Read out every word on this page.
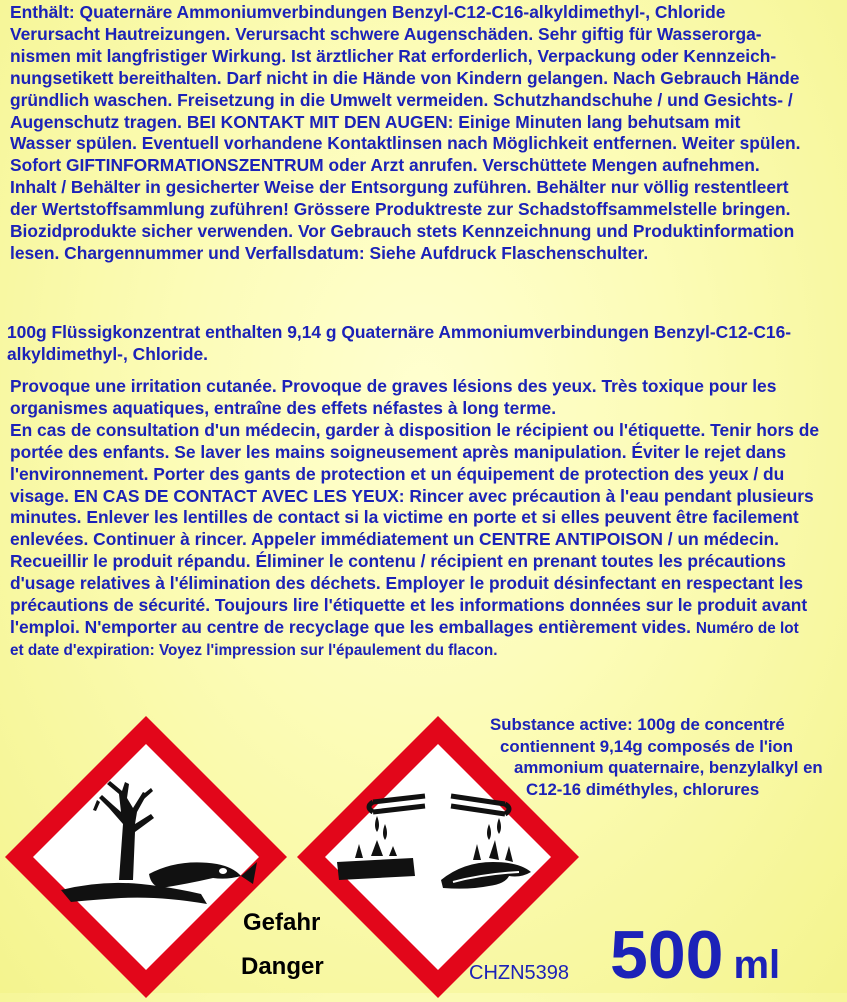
Enthält: Quaternäre Ammoniumverbindungen Benzyl-C12-C16-alkyldimethyl-, Chloride
Verursacht Hautreizungen. Verursacht schwere Augenschäden. Sehr giftig für Wasserorga-
nismen mit langfristiger Wirkung. Ist ärztlicher Rat erforderlich, Verpackung oder Kennzeich-
nungsetikett bereithalten. Darf nicht in die Hände von Kindern gelangen. Nach Gebrauch Hände
gründlich waschen. Freisetzung in die Umwelt vermeiden. Schutzhandschuhe / und Gesichts- /
Augenschutz tragen. BEI KONTAKT MIT DEN AUGEN: Einige Minuten lang behutsam mit
Wasser spülen. Eventuell vorhandene Kontaktlinsen nach Möglichkeit entfernen. Weiter spülen.
Sofort GIFTINFORMATIONSZENTRUM oder Arzt anrufen. Verschüttete Mengen aufnehmen.
Inhalt / Behälter in gesicherter Weise der Entsorgung zuführen. Behälter nur völlig restentleert
der Wertstoffsammlung zuführen! Grössere Produktreste zur Schadstoffsammelstelle bringen.
Biozidprodukte sicher verwenden. Vor Gebrauch stets Kennzeichnung und Produktinformation
lesen. Chargennummer und Verfallsdatum: Siehe Aufdruck Flaschenschulter.
100g Flüssigkonzentrat enthalten 9,14 g Quaternäre Ammoniumverbindungen Benzyl-C12-C16-
alkyldimethyl-, Chloride.
Provoque une irritation cutanée. Provoque de graves lésions des yeux. Très toxique pour les
organismes aquatiques, entraîne des effets néfastes à long terme.
En cas de consultation d'un médecin, garder à disposition le récipient ou l'étiquette. Tenir hors de
portée des enfants. Se laver les mains soigneusement après manipulation. Éviter le rejet dans
l'environnement. Porter des gants de protection et un équipement de protection des yeux / du
visage. EN CAS DE CONTACT AVEC LES YEUX: Rincer avec précaution à l'eau pendant plusieurs
minutes. Enlever les lentilles de contact si la victime en porte et si elles peuvent être facilement
enlevées. Continuer à rincer. Appeler immédiatement un CENTRE ANTIPOISON / un médecin.
Recueillir le produit répandu. Éliminer le contenu / récipient en prenant toutes les précautions
d'usage relatives à l'élimination des déchets. Employer le produit désinfectant en respectant les
précautions de sécurité. Toujours lire l'étiquette et les informations données sur le produit avant
l'emploi. N'emporter au centre de recyclage que les emballages entièrement vides. Numéro de lot
et date d'expiration: Voyez l'impression sur l'épaulement du flacon.
Substance active: 100g de concentré
contiennent 9,14g composés de l'ion
ammonium quaternaire, benzylalkyl en
C12-16 diméthyles, chlorures
Gefahr
Danger	CHZN5398 500 ml
